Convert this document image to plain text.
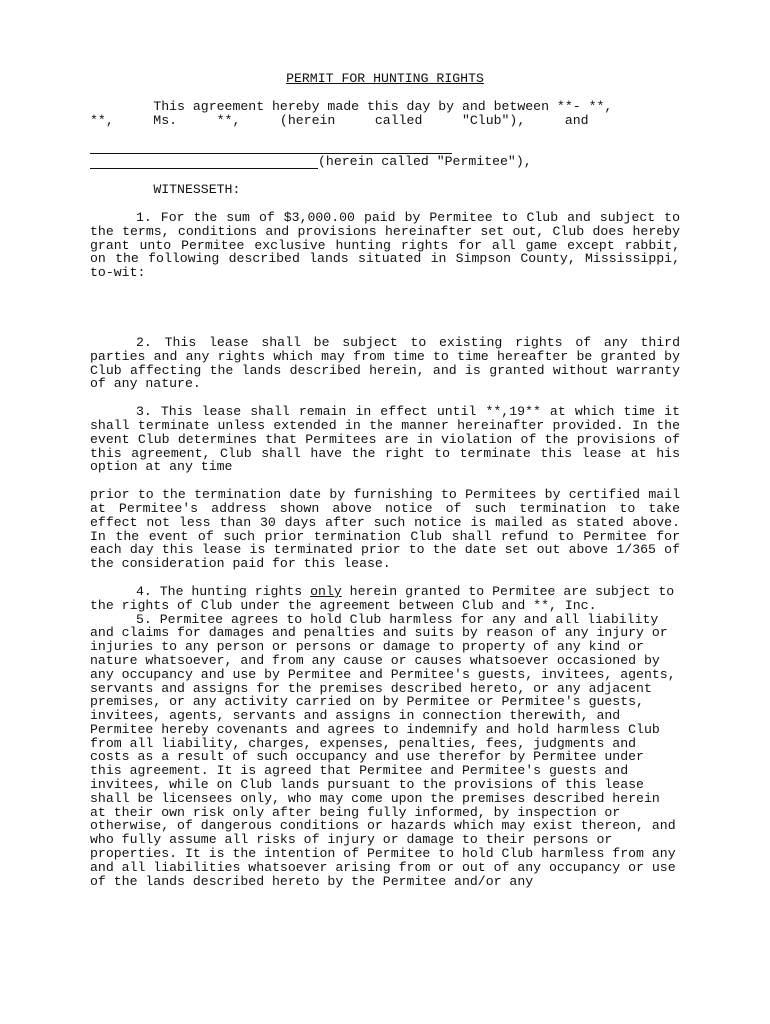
PERMIT FOR HUNTING RIGHTS

This agreement hereby made this day by and between **- **,

**,     Ms.     **,     (herein     called     "Club"),     and

(herein called "Permitee"),

WITNESSETH:

1. For the sum of $3,000.00 paid by Permitee to Club and subject to the terms, conditions and provisions hereinafter set out, Club does hereby grant unto Permitee exclusive hunting rights for all game except rabbit, on the following described lands situated in Simpson County, Mississippi, to-wit:

2. This lease shall be subject to existing rights of any third parties and any rights which may from time to time hereafter be granted by Club affecting the lands described herein, and is granted without warranty of any nature.

3. This lease shall remain in effect until **,19** at which time it shall terminate unless extended in the manner hereinafter provided. In the event Club determines that Permitees are in violation of the provisions of this agreement, Club shall have the right to terminate this lease at his option at any time

prior to the termination date by furnishing to Permitees by certified mail at Permitee's address shown above notice of such termination to take effect not less than 30 days after such notice is mailed as stated above. In the event of such prior termination Club shall refund to Permitee for each day this lease is terminated prior to the date set out above 1/365 of the consideration paid for this lease.

4. The hunting rights only herein granted to Permitee are subject to the rights of Club under the agreement between Club and **, Inc.

5. Permitee agrees to hold Club harmless for any and all liability and claims for damages and penalties and suits by reason of any injury or injuries to any person or persons or damage to property of any kind or nature whatsoever, and from any cause or causes whatsoever occasioned by any occupancy and use by Permitee and Permitee's guests, invitees, agents, servants and assigns for the premises described hereto, or any adjacent premises, or any activity carried on by Permitee or Permitee's guests, invitees, agents, servants and assigns in connection therewith, and Permitee hereby covenants and agrees to indemnify and hold harmless Club from all liability, charges, expenses, penalties, fees, judgments and costs as a result of such occupancy and use therefor by Permitee under this agreement. It is agreed that Permitee and Permitee's guests and invitees, while on Club lands pursuant to the provisions of this lease shall be licensees only, who may come upon the premises described herein at their own risk only after being fully informed, by inspection or otherwise, of dangerous conditions or hazards which may exist thereon, and who fully assume all risks of injury or damage to their persons or properties. It is the intention of Permitee to hold Club harmless from any and all liabilities whatsoever arising from or out of any occupancy or use of the lands described hereto by the Permitee and/or any
